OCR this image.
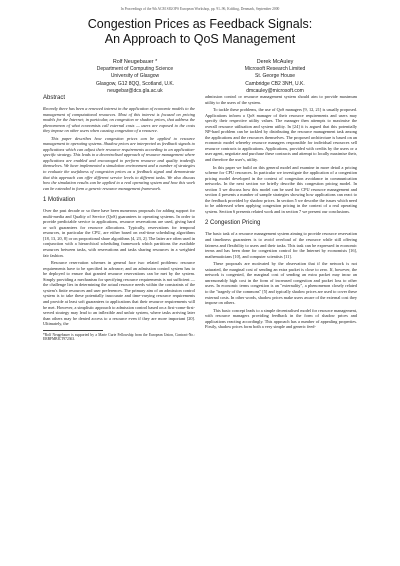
In Proceedings of the 9th ACM SIGOPS European Workshop, pp. 91–96, Kolding, Denmark, September 2000
Congestion Prices as Feedback Signals:
An Approach to QoS Management
Rolf Neugebauer *
Department of Computing Science
University of Glasgow
Glasgow, G12 8QQ, Scotland, U.K.
neugebar@dcs.gla.ac.uk
Derek McAuley
Microsoft Research Limited
St. George House
Cambridge CB2 3NH, U.K.
dmcauley@microsoft.com
Abstract

Recently there has been a renewed interest in the application of economic models to the management of computational resources. Most of this interest is focused on pricing models for the Internet; in particular, on congestion or shadow prices, that address the phenomenon of what economists call external costs — users are exposed to the costs they impose on other users when causing congestion of a resource.

This paper describes how congestion prices can be applied to resource management in operating systems. Shadow prices are interpreted as feedback signals to applications which can adjust their resource requirements according to an application-specific strategy. This leads to a decentralised approach of resource management where applications are enabled and encouraged to perform resource and quality tradeoffs themselves. We have implemented a simulation environment and a number of strategies to evaluate the usefulness of congestion prices as a feedback signal and demonstrate that this approach can offer different service levels to different tasks. We also discuss how the simulation results can be applied to a real operating system and how this work can be extended to form a generic resource management framework.

1 Motivation

Over the past decade or so there have been numerous proposals for adding support for multi-media and Quality of Service (QoS) guarantees to operating systems. In order to provide predictable service to applications, resource reservations are used, giving hard or soft guarantees for resource allocations. Typically, reservations for temporal resources, in particular the CPU, are either based on real-time scheduling algorithms [18, 13, 20, 8] or on proportional share algorithms [4, 23, 2]. The latter are often used in conjunction with a hierarchical scheduling framework which partitions the available resources between tasks, with reservations and tasks sharing resources in a weighted fair fashion.

Resource reservation schemes in general face two related problems: resource requirements have to be specified in advance; and an admission control system has to be deployed to ensure that granted resource reservations can be met by the system. Simply providing a mechanism for specifying resource requirements is not sufficient — the challenge lies in determining the actual resource needs within the constraints of the system's finite resources and user preferences. The primary aim of an admission control system is to take these potentially inaccurate and time-varying resource requirements and provide at least soft guarantees to applications that their resource requirements will be met. However, a simplistic approach to admission control based on a first-come-first-served strategy may lead to an inflexible and unfair system, where tasks arriving later than others may be denied access to a resource even if they are more important [20]. Ultimately, the

*Rolf Neugebauer is supported by a Marie Curie Fellowship from the European Union, Contract-No.: ERBFMBICT972363.

admission control or resource management system should aim to provide maximum utility to the users of the system.

To tackle these problems, the use of QoS managers [9, 12, 21] is usually proposed. Applications inform a QoS manager of their resource requirements and users may specify their respective utility values. The manager then attempts to maximise the overall resource utilisation and system utility. In [24] it is argued that this potentially NP-hard problem can be tackled by distributing the resource management task among the applications and the resources themselves. The proposed architecture is based on an economic model whereby resource managers responsible for individual resources sell resource contracts to applications. Applications, provided with credits by the users or a user agent, negotiate and purchase these contracts and attempt to locally maximise their, and therefore the user's, utility.

In this paper we build on this general model and examine in more detail a pricing scheme for CPU resources. In particular we investigate the application of a congestion pricing model developed in the context of congestion avoidance in communication networks. In the next section we briefly describe this congestion pricing model. In section 3 we discuss how this model can be used for CPU resource management and section 4 presents a number of sample strategies showing how applications can react to the feedback provided by shadow prices. In section 5 we describe the issues which need to be addressed when applying congestion pricing in the context of a real operating system. Section 6 presents related work and in section 7 we present our conclusions.

2 Congestion Pricing

The basic task of a resource management system aiming to provide resource reservation and timeliness guarantees is to avoid overload of the resource while still offering fairness and flexibility to users and their tasks. This task can be expressed in economic terms and has been done for congestion control for the Internet by economists [16], mathematicians [10], and computer scientists [11].

These proposals are motivated by the observation that if the network is not saturated, the marginal cost of sending an extra packet is close to zero. If, however, the network is congested, the marginal cost of sending an extra packet may incur an unreasonably high cost in the form of increased congestion and packet loss to other users. In economic terms congestion is an "externality", a phenomenon closely related to the "tragedy of the commons" [5] and typically shadow prices are used to cover these external costs. In other words, shadow prices make users aware of the external cost they impose on others.

This basic concept leads to a simple decentralised model for resource management, with resource managers providing feedback in the form of shadow prices and applications reacting accordingly. This approach has a number of appealing properties. Firstly, shadow prices form both a very simple and generic feed-
